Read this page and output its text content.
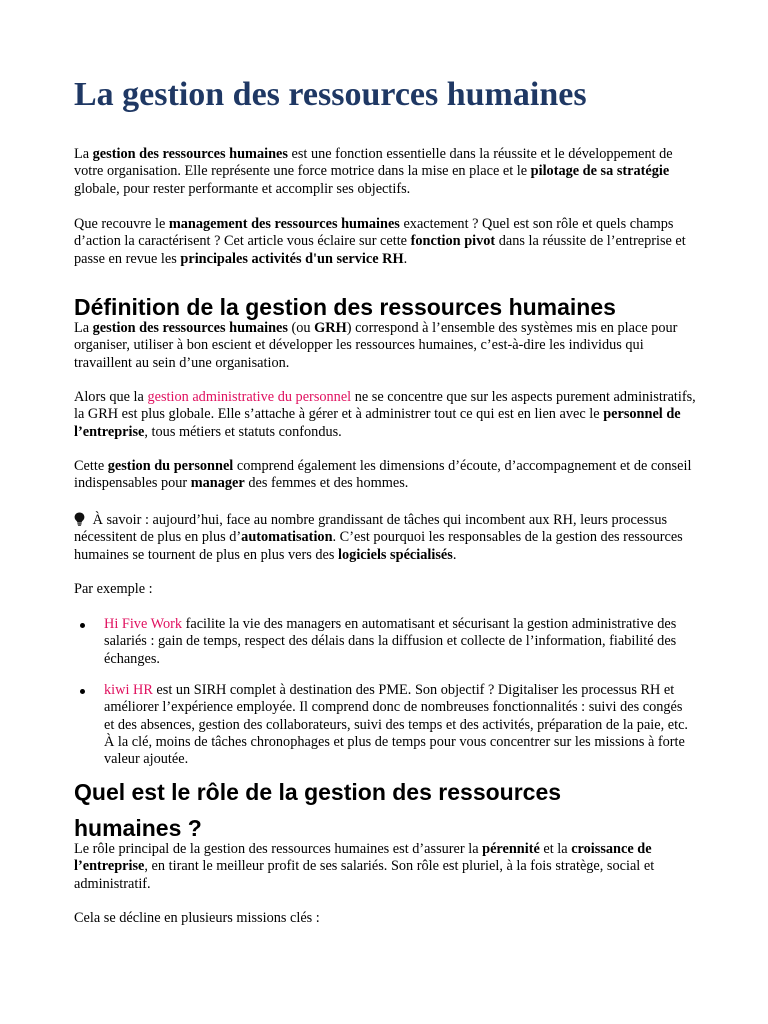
La gestion des ressources humaines

La gestion des ressources humaines est une fonction essentielle dans la réussite et le développement de votre organisation. Elle représente une force motrice dans la mise en place et le pilotage de sa stratégie globale, pour rester performante et accomplir ses objectifs.

Que recouvre le management des ressources humaines exactement ? Quel est son rôle et quels champs d’action la caractérisent ? Cet article vous éclaire sur cette fonction pivot dans la réussite de l’entreprise et passe en revue les principales activités d'un service RH.

Définition de la gestion des ressources humaines

La gestion des ressources humaines (ou GRH) correspond à l’ensemble des systèmes mis en place pour organiser, utiliser à bon escient et développer les ressources humaines, c’est-à-dire les individus qui travaillent au sein d’une organisation.

Alors que la gestion administrative du personnel ne se concentre que sur les aspects purement administratifs, la GRH est plus globale. Elle s’attache à gérer et à administrer tout ce qui est en lien avec le personnel de l’entreprise, tous métiers et statuts confondus.

Cette gestion du personnel comprend également les dimensions d’écoute, d’accompagnement et de conseil indispensables pour manager des femmes et des hommes.

À savoir : aujourd’hui, face au nombre grandissant de tâches qui incombent aux RH, leurs processus nécessitent de plus en plus d’automatisation. C’est pourquoi les responsables de la gestion des ressources humaines se tournent de plus en plus vers des logiciels spécialisés.

Par exemple :

Hi Five Work facilite la vie des managers en automatisant et sécurisant la gestion administrative des salariés : gain de temps, respect des délais dans la diffusion et collecte de l’information, fiabilité des échanges.
kiwi HR est un SIRH complet à destination des PME. Son objectif ? Digitaliser les processus RH et améliorer l’expérience employée. Il comprend donc de nombreuses fonctionnalités : suivi des congés et des absences, gestion des collaborateurs, suivi des temps et des activités, préparation de la paie, etc. À la clé, moins de tâches chronophages et plus de temps pour vous concentrer sur les missions à forte valeur ajoutée.
Quel est le rôle de la gestion des ressources humaines ?

Le rôle principal de la gestion des ressources humaines est d’assurer la pérennité et la croissance de l’entreprise, en tirant le meilleur profit de ses salariés. Son rôle est pluriel, à la fois stratège, social et administratif.

Cela se décline en plusieurs missions clés :
